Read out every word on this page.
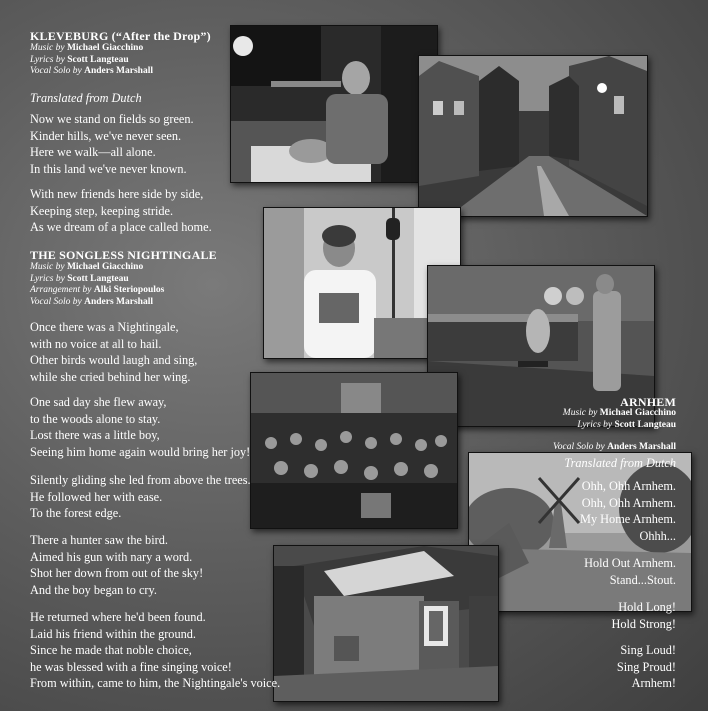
KLEVEBURG (“After the Drop”)
Music by Michael Giacchino
Lyrics by Scott Langteau
Vocal Solo by Anders Marshall
Translated from Dutch
Now we stand on fields so green.
Kinder hills, we've never seen.
Here we walk—all alone.
In this land we've never known.
With new friends here side by side,
Keeping step, keeping stride.
As we dream of a place called home.
THE SONGLESS NIGHTINGALE
Music by Michael Giacchino
Lyrics by Scott Langteau
Arrangement by Alki Steriopoulos
Vocal Solo by Anders Marshall
Once there was a Nightingale,
with no voice at all to hail.
Other birds would laugh and sing,
while she cried behind her wing.
One sad day she flew away,
to the woods alone to stay.
Lost there was a little boy,
Seeing him home again would bring her joy!
Silently gliding she led from above the trees.
He followed her with ease.
To the forest edge.
There a hunter saw the bird.
Aimed his gun with nary a word.
Shot her down from out of the sky!
And the boy began to cry.
He returned where he'd been found.
Laid his friend within the ground.
Since he made that noble choice,
he was blessed with a fine singing voice!
From within, came to him, the Nightingale's voice.
ARNHEM
Music by Michael Giacchino
Lyrics by Scott Langteau
Vocal Solo by Anders Marshall
Translated from Dutch
Ohh, Ohh Arnhem.
Ohh, Ohh Arnhem.
My Home Arnhem.
Ohhh...
Hold Out Arnhem.
Stand...Stout.
Hold Long!
Hold Strong!
Sing Loud!
Sing Proud!
Arnhem!
